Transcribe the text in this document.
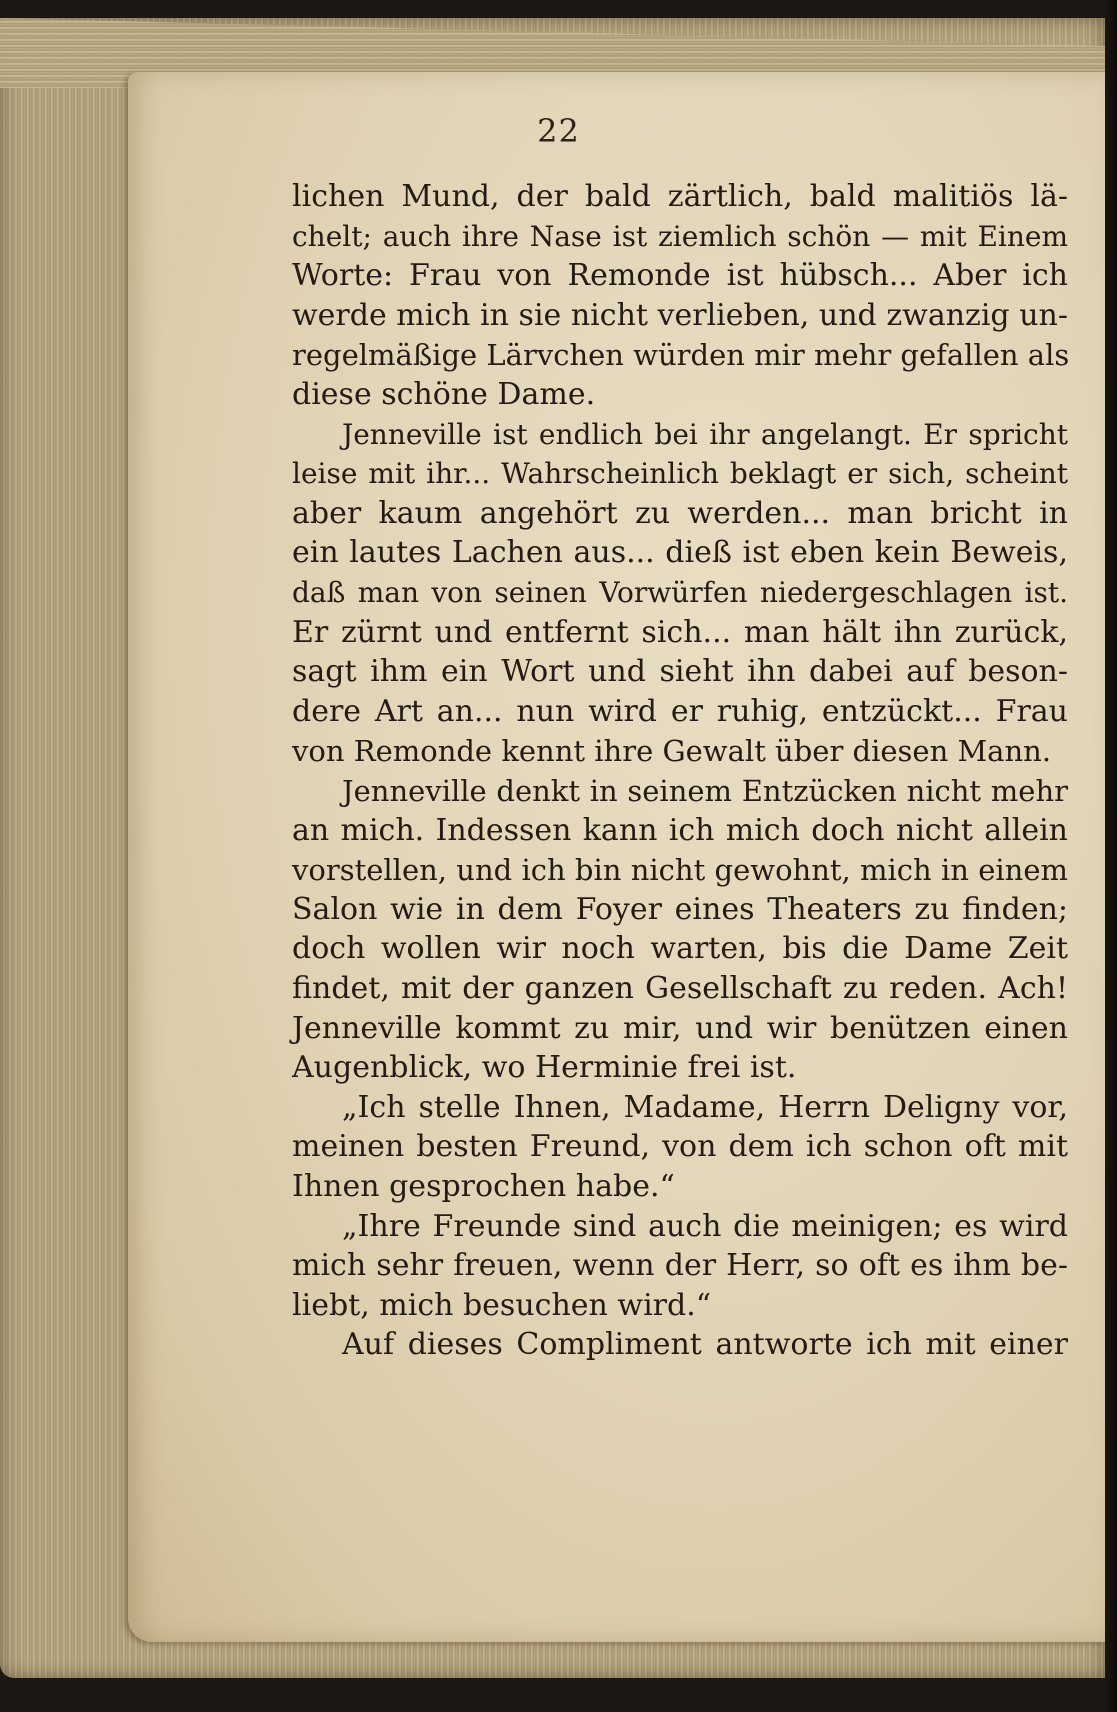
22
lichen Mund, der bald zärtlich, bald malitiös lä-
chelt; auch ihre Nase ist ziemlich schön — mit Einem
Worte: Frau von Remonde ist hübsch... Aber ich
werde mich in sie nicht verlieben, und zwanzig un-
regelmäßige Lärvchen würden mir mehr gefallen als
diese schöne Dame.
Jenneville ist endlich bei ihr angelangt. Er spricht
leise mit ihr... Wahrscheinlich beklagt er sich, scheint
aber kaum angehört zu werden... man bricht in
ein lautes Lachen aus... dieß ist eben kein Beweis,
daß man von seinen Vorwürfen niedergeschlagen ist.
Er zürnt und entfernt sich... man hält ihn zurück,
sagt ihm ein Wort und sieht ihn dabei auf beson-
dere Art an... nun wird er ruhig, entzückt... Frau
von Remonde kennt ihre Gewalt über diesen Mann.
Jenneville denkt in seinem Entzücken nicht mehr
an mich. Indessen kann ich mich doch nicht allein
vorstellen, und ich bin nicht gewohnt, mich in einem
Salon wie in dem Foyer eines Theaters zu finden;
doch wollen wir noch warten, bis die Dame Zeit
findet, mit der ganzen Gesellschaft zu reden. Ach!
Jenneville kommt zu mir, und wir benützen einen
Augenblick, wo Herminie frei ist.
„Ich stelle Ihnen, Madame, Herrn Deligny vor,
meinen besten Freund, von dem ich schon oft mit
Ihnen gesprochen habe.“
„Ihre Freunde sind auch die meinigen; es wird
mich sehr freuen, wenn der Herr, so oft es ihm be-
liebt, mich besuchen wird.“
Auf dieses Compliment antworte ich mit einer
